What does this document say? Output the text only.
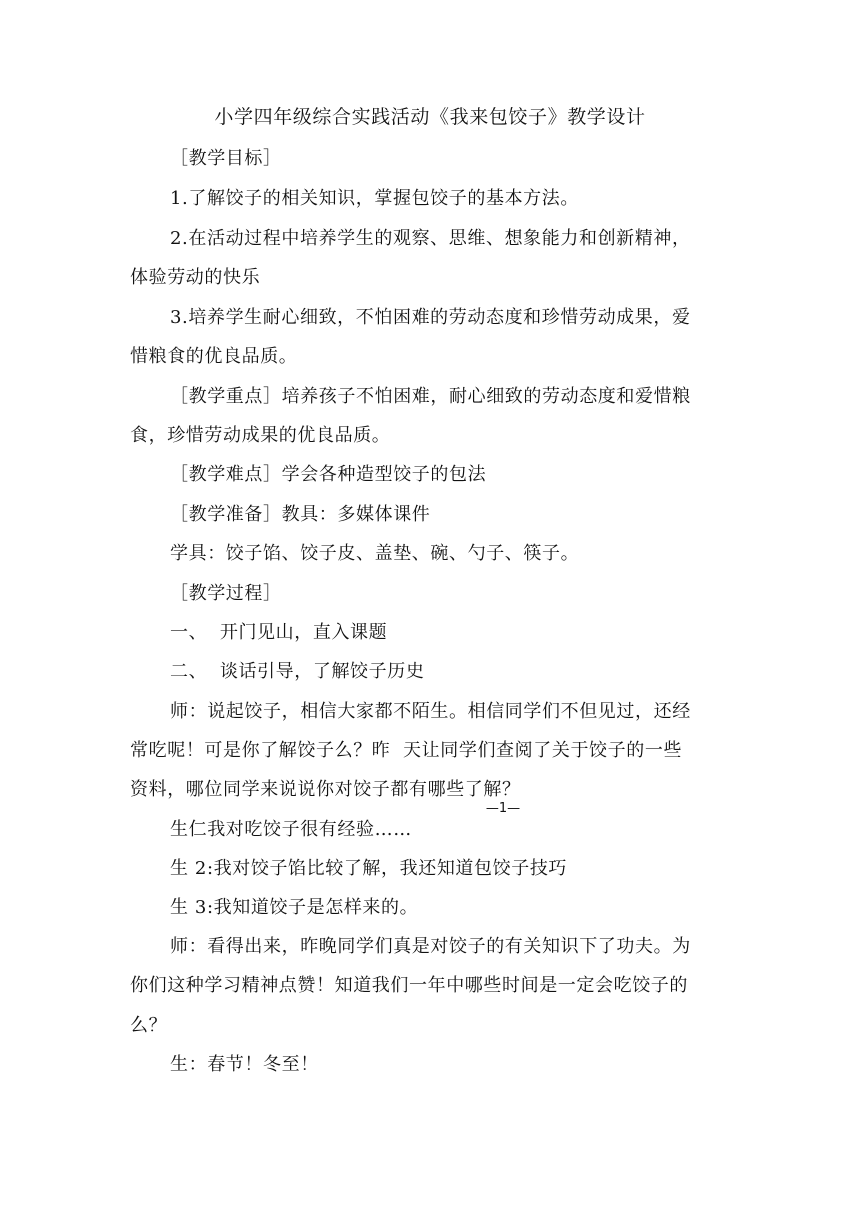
小学四年级综合实践活动《我来包饺子》教学设计
［教学目标］
1.了解饺子的相关知识，掌握包饺子的基本方法。
2.在活动过程中培养学生的观察、思维、想象能力和创新精神，
体验劳动的快乐
3.培养学生耐心细致，不怕困难的劳动态度和珍惜劳动成果，爱
惜粮食的优良品质。
［教学重点］培养孩子不怕困难，耐心细致的劳动态度和爱惜粮
食，珍惜劳动成果的优良品质。
［教学难点］学会各种造型饺子的包法
［教学准备］教具：多媒体课件
学具：饺子馅、饺子皮、盖垫、碗、勺子、筷子。
［教学过程］
一、  开门见山，直入课题
二、  谈话引导，了解饺子历史
师：说起饺子，相信大家都不陌生。相信同学们不但见过，还经
常吃呢！可是你了解饺子么？昨  天让同学们查阅了关于饺子的一些
资料，哪位同学来说说你对饺子都有哪些了解？
—1—
生仁我对吃饺子很有经验……
生 2:我对饺子馅比较了解，我还知道包饺子技巧
生 3:我知道饺子是怎样来的。
师：看得出来，昨晚同学们真是对饺子的有关知识下了功夫。为
你们这种学习精神点赞！知道我们一年中哪些时间是一定会吃饺子的
么？
生：春节！冬至！
